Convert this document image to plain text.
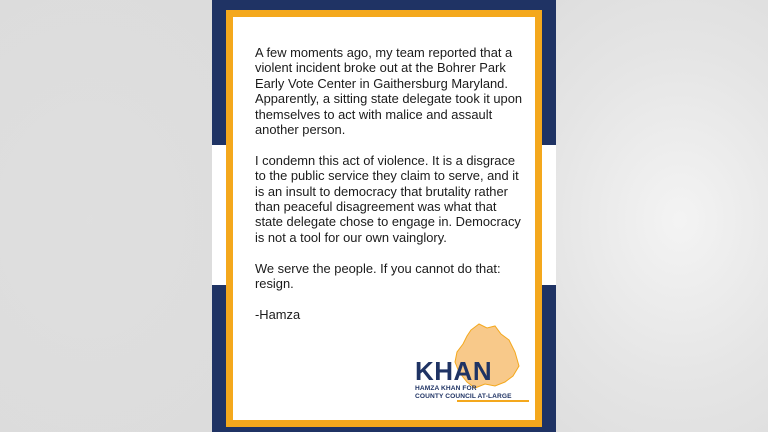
A few moments ago, my team reported that a violent incident broke out at the Bohrer Park Early Vote Center in Gaithersburg Maryland. Apparently, a sitting state delegate took it upon themselves to act with malice and assault another person.

I condemn this act of violence. It is a disgrace to the public service they claim to serve, and it is an insult to democracy that brutality rather than peaceful disagreement was what that state delegate chose to engage in. Democracy is not a tool for our own vainglory.

We serve the people. If you cannot do that: resign.

-Hamza

KHAN
HAMZA KHAN FOR
COUNTY COUNCIL AT-LARGE
